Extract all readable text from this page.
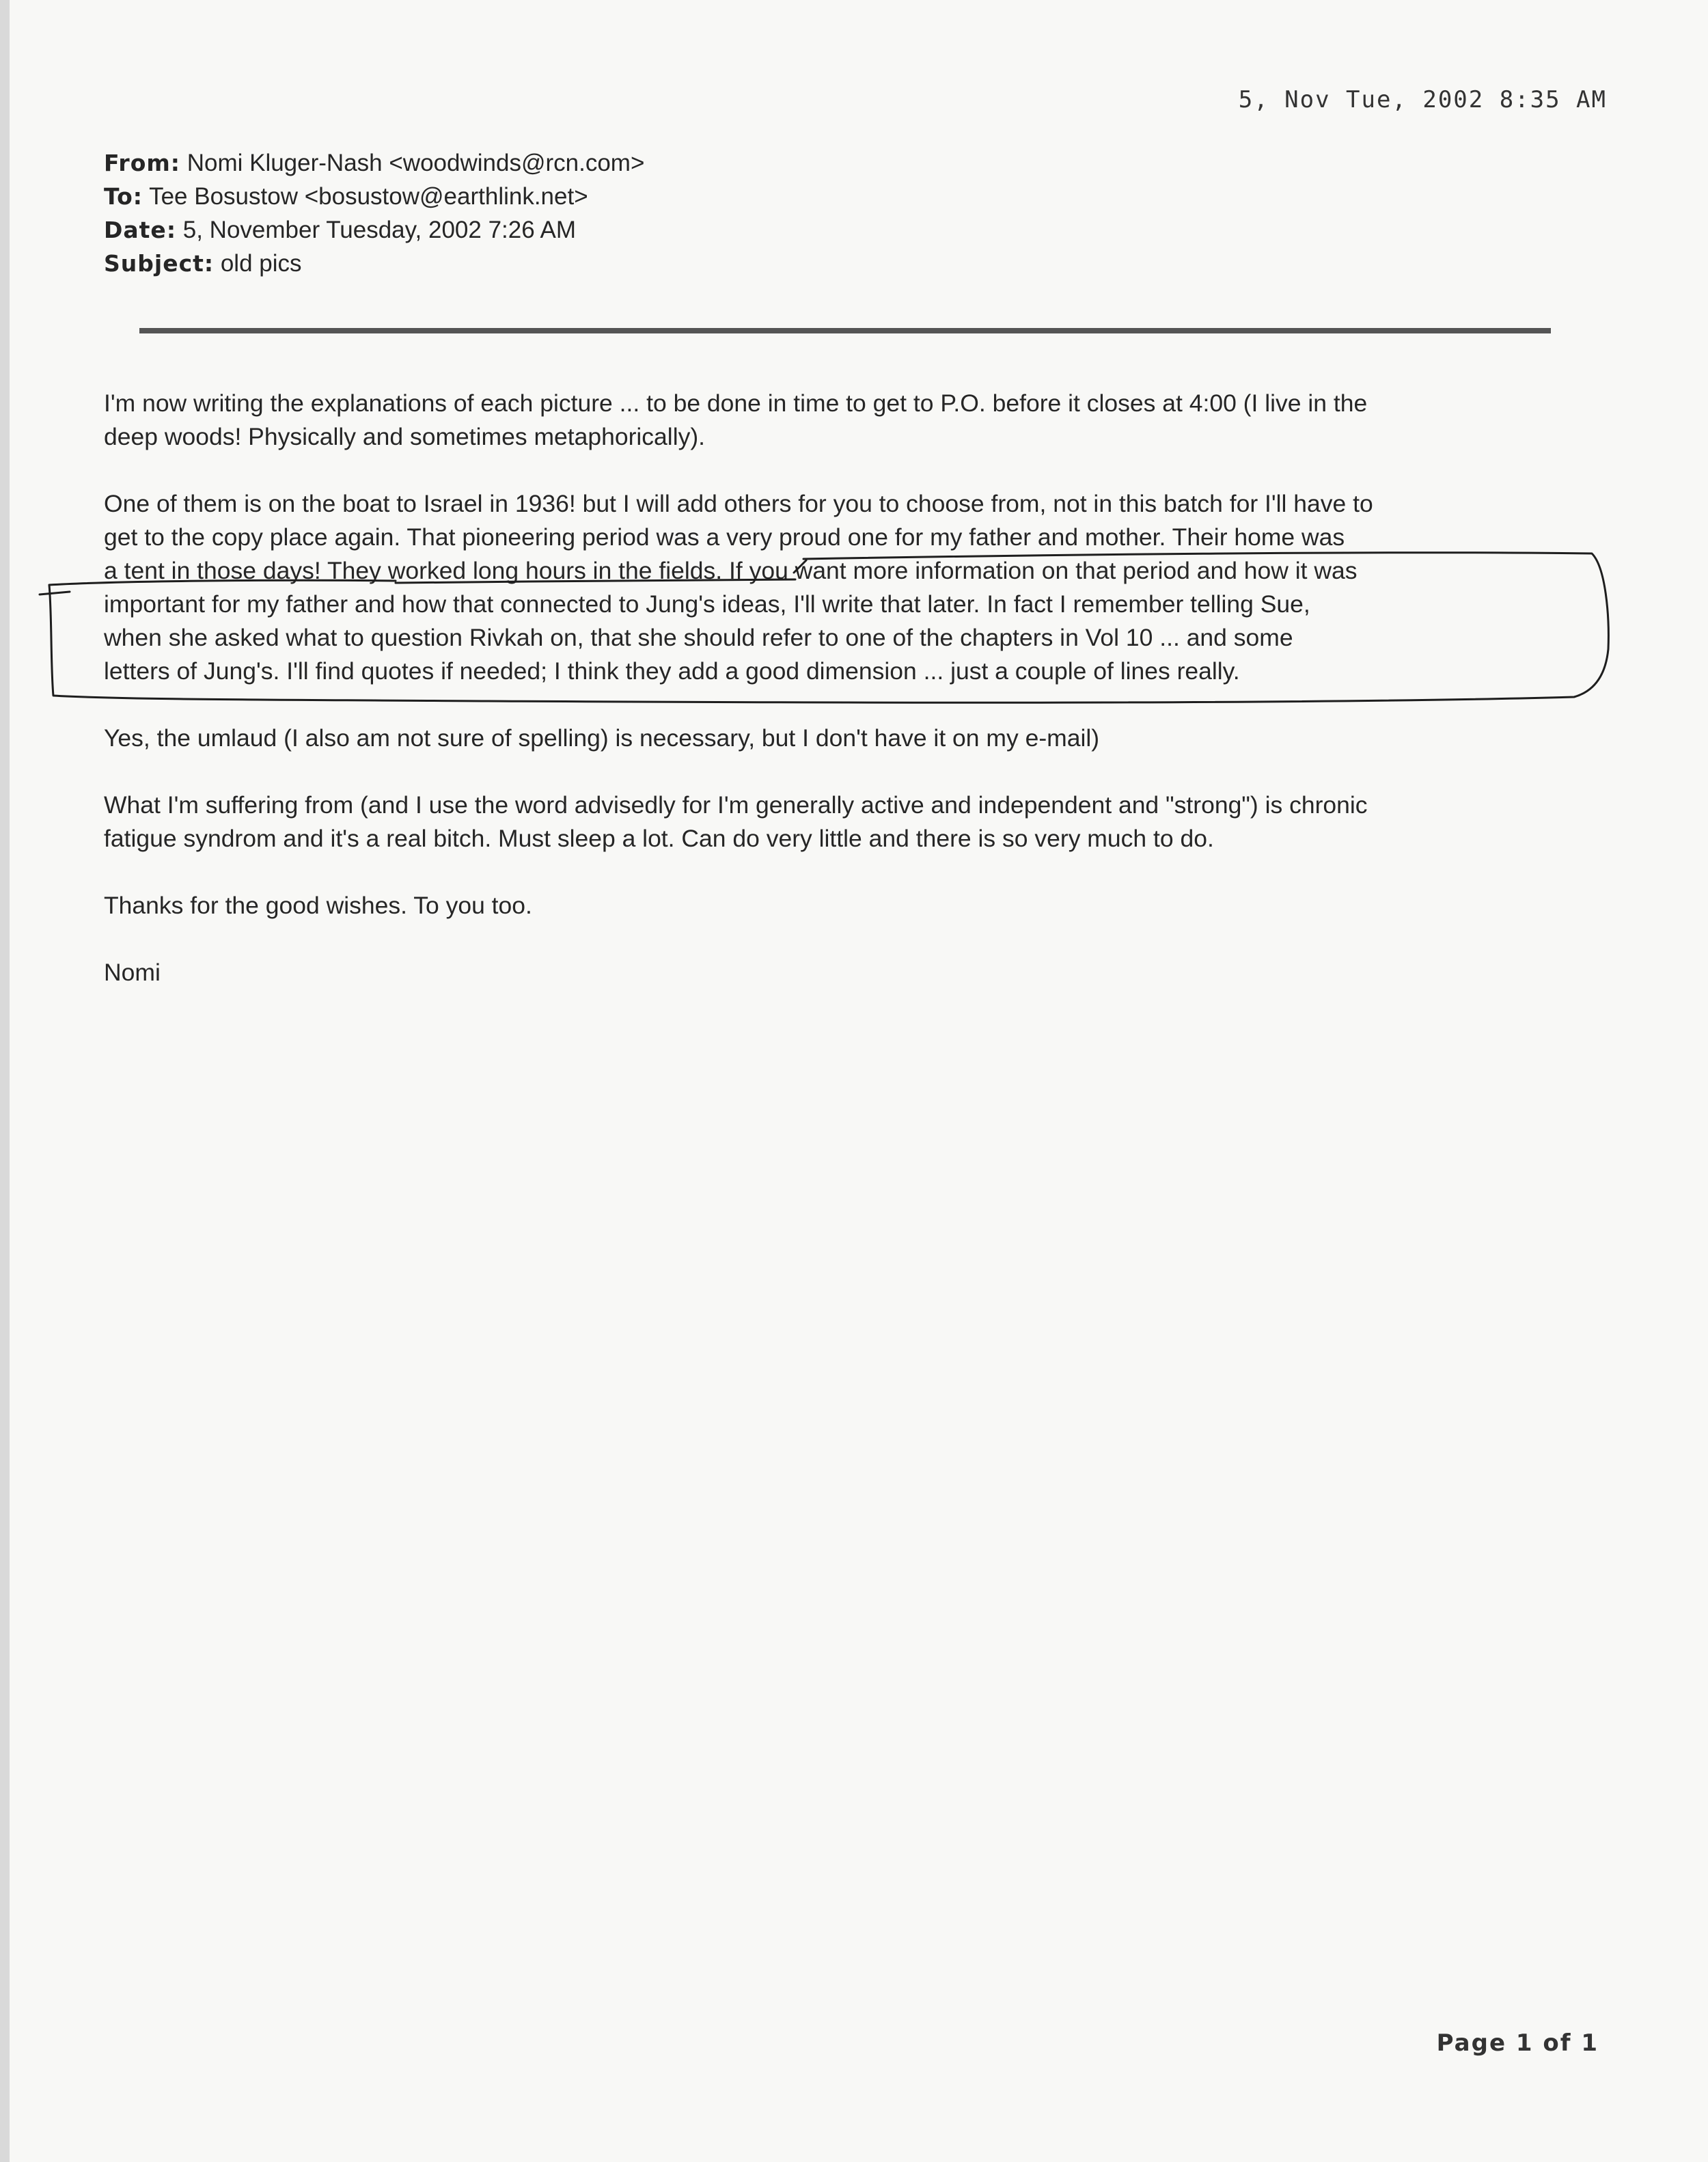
5, Nov Tue, 2002 8:35 AM
From: Nomi Kluger-Nash <woodwinds@rcn.com>
To: Tee Bosustow <bosustow@earthlink.net>
Date: 5, November Tuesday, 2002 7:26 AM
Subject: old pics

I'm now writing the explanations of each picture ... to be done in time to get to P.O. before it closes at 4:00 (I live in the
deep woods! Physically and sometimes metaphorically).

One of them is on the boat to Israel in 1936! but I will add others for you to choose from, not in this batch for I'll have to
get to the copy place again. That pioneering period was a very proud one for my father and mother. Their home was
a tent in those days! They worked long hours in the fields. If you want more information on that period and how it was
important for my father and how that connected to Jung's ideas, I'll write that later. In fact I remember telling Sue,
when she asked what to question Rivkah on, that she should refer to one of the chapters in Vol 10 ... and some
letters of Jung's. I'll find quotes if needed; I think they add a good dimension ... just a couple of lines really.

Yes, the umlaud (I also am not sure of spelling) is necessary, but I don't have it on my e-mail)

What I'm suffering from (and I use the word advisedly for I'm generally active and independent and "strong") is chronic
fatigue syndrom and it's a real bitch. Must sleep a lot. Can do very little and there is so very much to do.

Thanks for the good wishes. To you too.

Nomi

Page 1 of 1
